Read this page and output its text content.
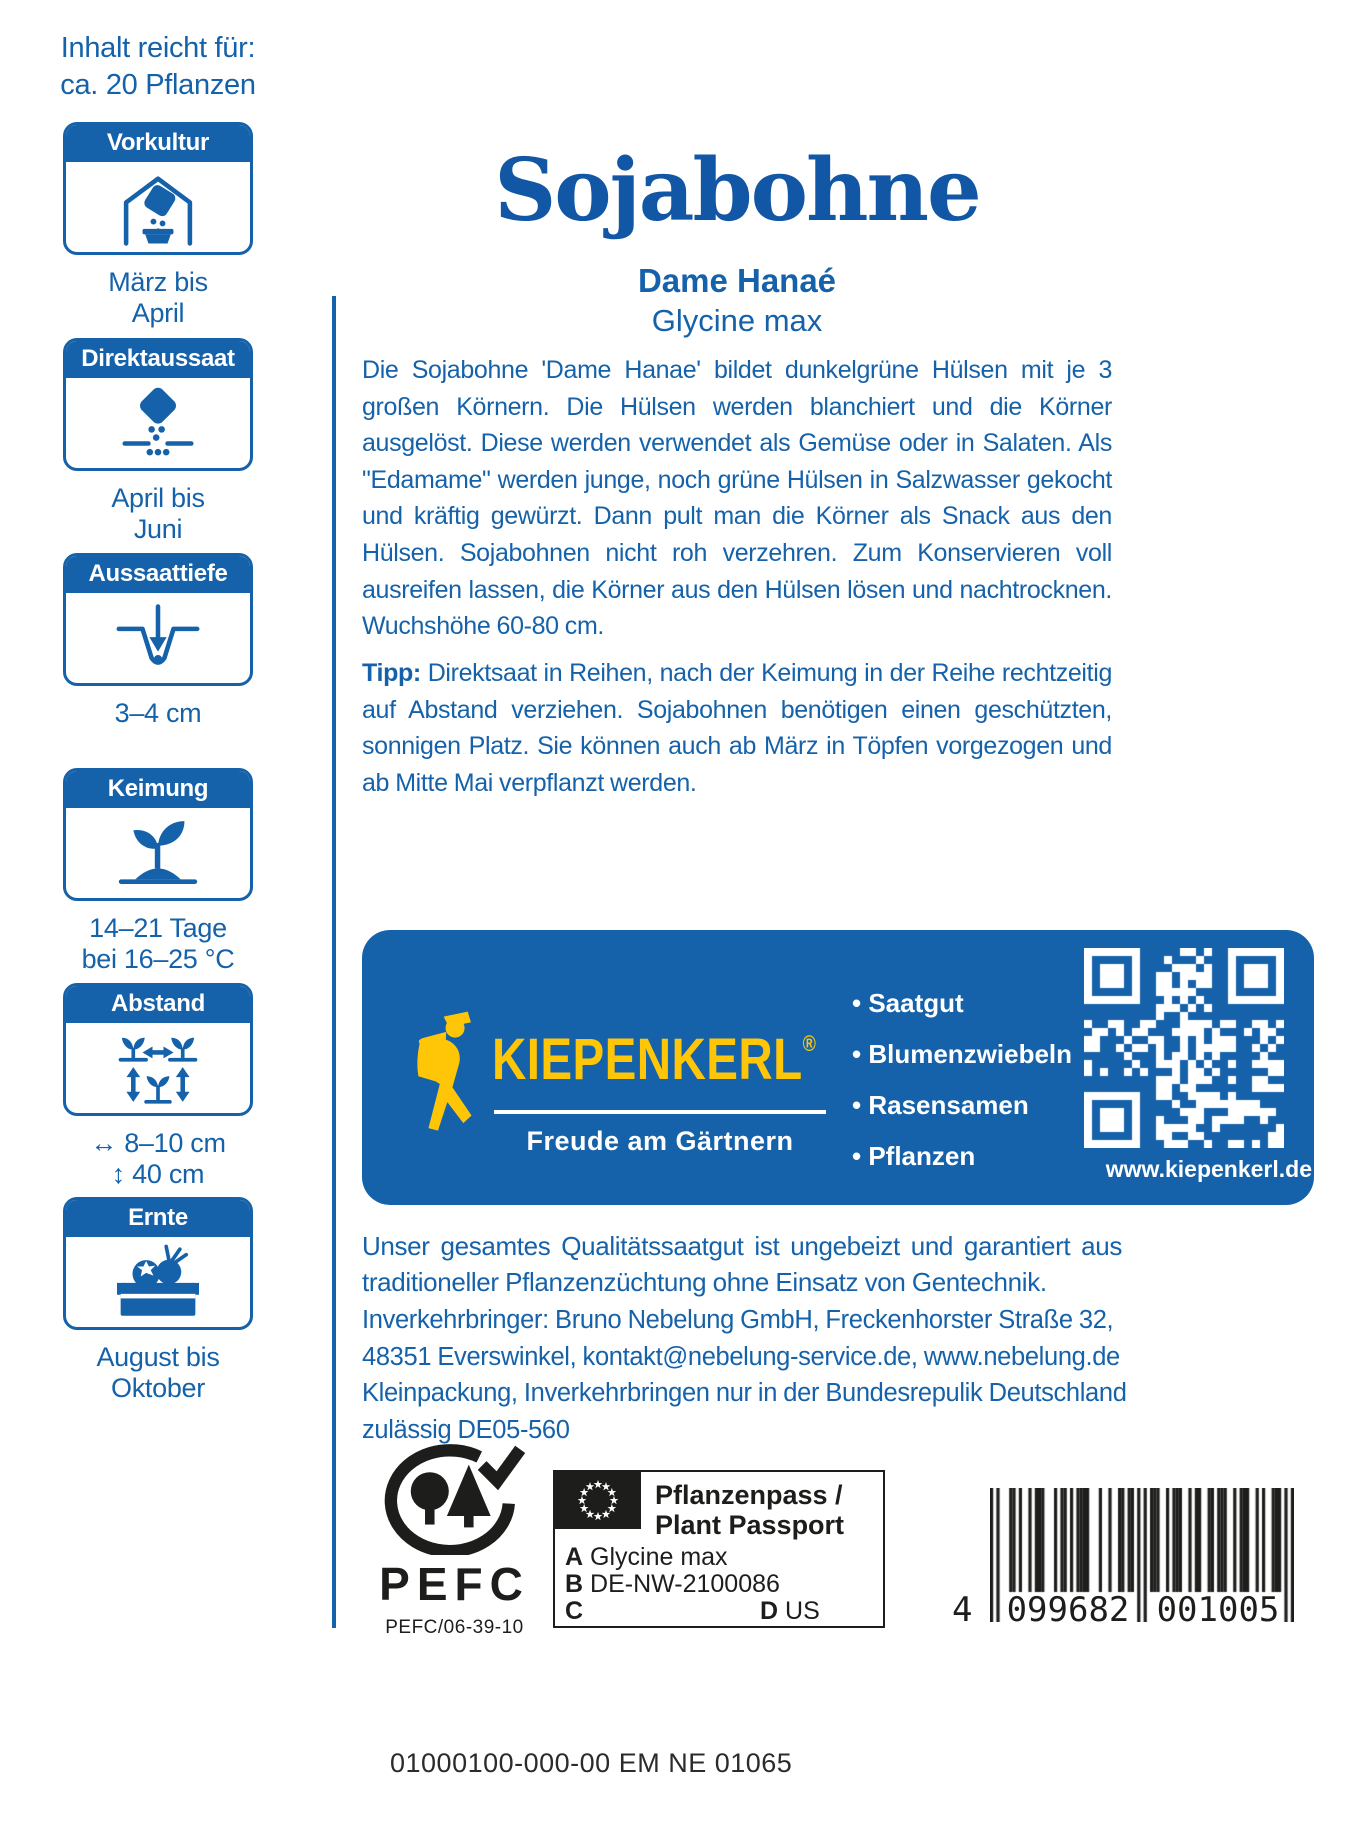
Inhalt reicht für:
ca. 20 Pflanzen
Vorkultur
März bis
April
Direktaussaat
April bis
Juni
Aussaattiefe
3–4 cm
Keimung
14–21 Tage
bei 16–25 °C
Abstand
↔ 8–10 cm
↕ 40 cm
Ernte
August bis
Oktober
Sojabohne
Dame Hanaé
Glycine max
Die Sojabohne 'Dame Hanae' bildet dunkelgrüne Hülsen mit je 3 großen Körnern. Die Hülsen werden blanchiert und die Körner ausgelöst. Diese werden verwendet als Gemüse oder in Salaten. Als "Edamame" werden junge, noch grüne Hülsen in Salzwasser gekocht und kräftig gewürzt. Dann pult man die Körner als Snack aus den Hülsen. Sojabohnen nicht roh verzehren. Zum Konservieren voll ausreifen lassen, die Körner aus den Hülsen lösen und nachtrocknen. Wuchshöhe 60-80 cm.
Tipp: Direktsaat in Reihen, nach der Keimung in der Reihe rechtzeitig auf Abstand verziehen. Sojabohnen benötigen einen geschützten, sonnigen Platz. Sie können auch ab März in Töpfen vorgezogen und ab Mitte Mai verpflanzt werden.
KIEPENKERL®
Freude am Gärtnern
• Saatgut
• Blumenzwiebeln
• Rasensamen
• Pflanzen	www.kiepenkerl.de
Unser gesamtes Qualitätssaatgut ist ungebeizt und garantiert aus traditioneller Pflanzenzüchtung ohne Einsatz von Gentechnik.
Inverkehrbringer: Bruno Nebelung GmbH, Freckenhorster Straße 32, 48351 Everswinkel, kontakt@nebelung-service.de, www.nebelung.de Kleinpackung, Inverkehrbringen nur in der Bundesrepulik Deutschland zulässig DE05-560
PEFC
PEFC/06-39-10
Pflanzenpass /
Plant Passport
A Glycine max
B DE-NW-2100086
C	D US	4 099682 001005
01000100-000-00 EM NE 01065
